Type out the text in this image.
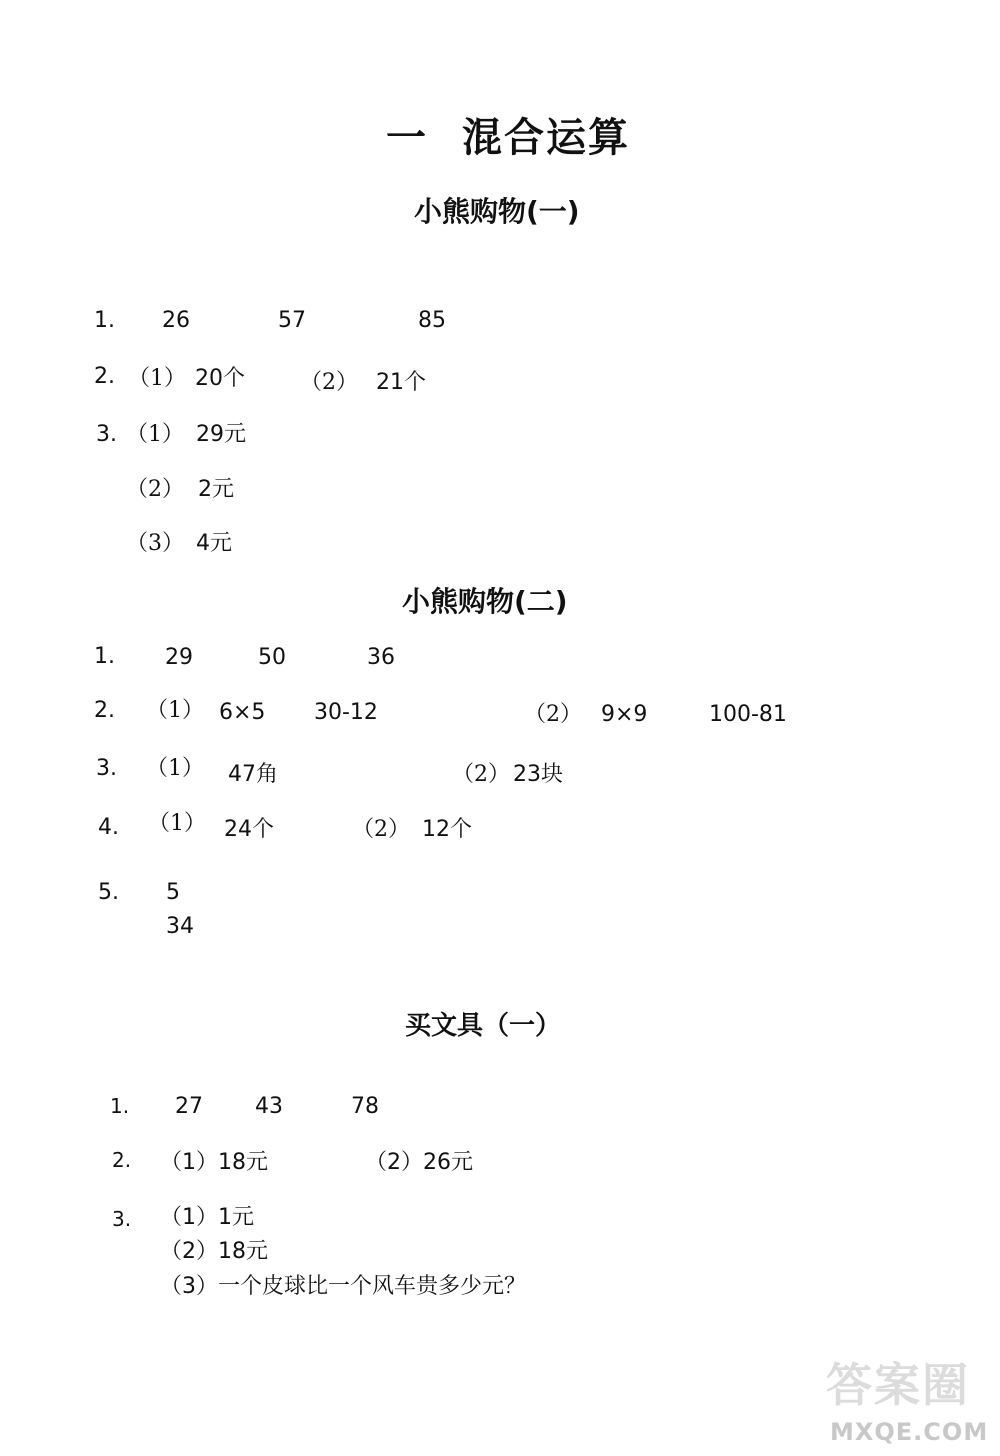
一 混合运算
小熊购物(一)
1. 26	57	85
2. （1） 20个	（2） 21个
3. （1） 29元
（2） 2元
（3） 4元
小熊购物(二)
1. 29	50	36
2. （1） 6×5 30-12	（2） 9×9	100-81
3. （1） 47角	（2） 23块
4. （1） 24个	（2） 12个
5. 5
34
买文具（一）
1. 27 43	78
2. （1）18元	（2）26元
3. （1）1元
（2）18元
（3）一个皮球比一个风车贵多少元？
答案圈
MXQE.COM
